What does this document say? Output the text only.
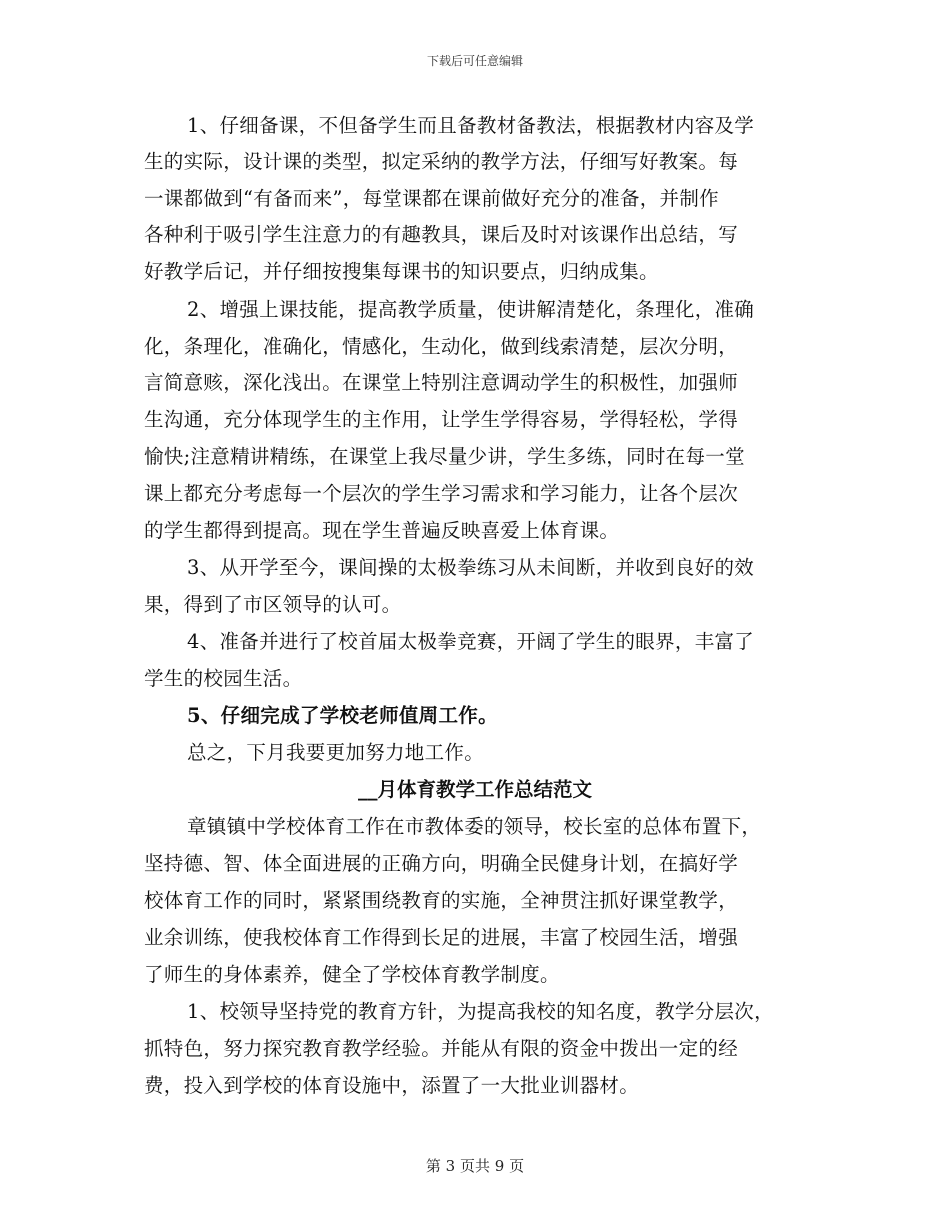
下载后可任意编辑
1、仔细备课，不但备学生而且备教材备教法，根据教材内容及学
生的实际，设计课的类型，拟定采纳的教学方法，仔细写好教案。每
一课都做到“有备而来”，每堂课都在课前做好充分的准备，并制作
各种利于吸引学生注意力的有趣教具，课后及时对该课作出总结，写
好教学后记，并仔细按搜集每课书的知识要点，归纳成集。
2、增强上课技能，提高教学质量，使讲解清楚化，条理化，准确
化，条理化，准确化，情感化，生动化，做到线索清楚，层次分明，
言简意赅，深化浅出。在课堂上特别注意调动学生的积极性，加强师
生沟通，充分体现学生的主作用，让学生学得容易，学得轻松，学得
愉快;注意精讲精练，在课堂上我尽量少讲，学生多练，同时在每一堂
课上都充分考虑每一个层次的学生学习需求和学习能力，让各个层次
的学生都得到提高。现在学生普遍反映喜爱上体育课。
3、从开学至今，课间操的太极拳练习从未间断，并收到良好的效
果，得到了市区领导的认可。
4、准备并进行了校首届太极拳竞赛，开阔了学生的眼界，丰富了
学生的校园生活。
5、仔细完成了学校老师值周工作。
总之，下月我要更加努力地工作。
__月体育教学工作总结范文
章镇镇中学校体育工作在市教体委的领导，校长室的总体布置下，
坚持德、智、体全面进展的正确方向，明确全民健身计划，在搞好学
校体育工作的同时，紧紧围绕教育的实施，全神贯注抓好课堂教学，
业余训练，使我校体育工作得到长足的进展，丰富了校园生活，增强
了师生的身体素养，健全了学校体育教学制度。
1、校领导坚持党的教育方针，为提高我校的知名度，教学分层次，
抓特色，努力探究教育教学经验。并能从有限的资金中拨出一定的经
费，投入到学校的体育设施中，添置了一大批业训器材。
第 3 页共 9 页
